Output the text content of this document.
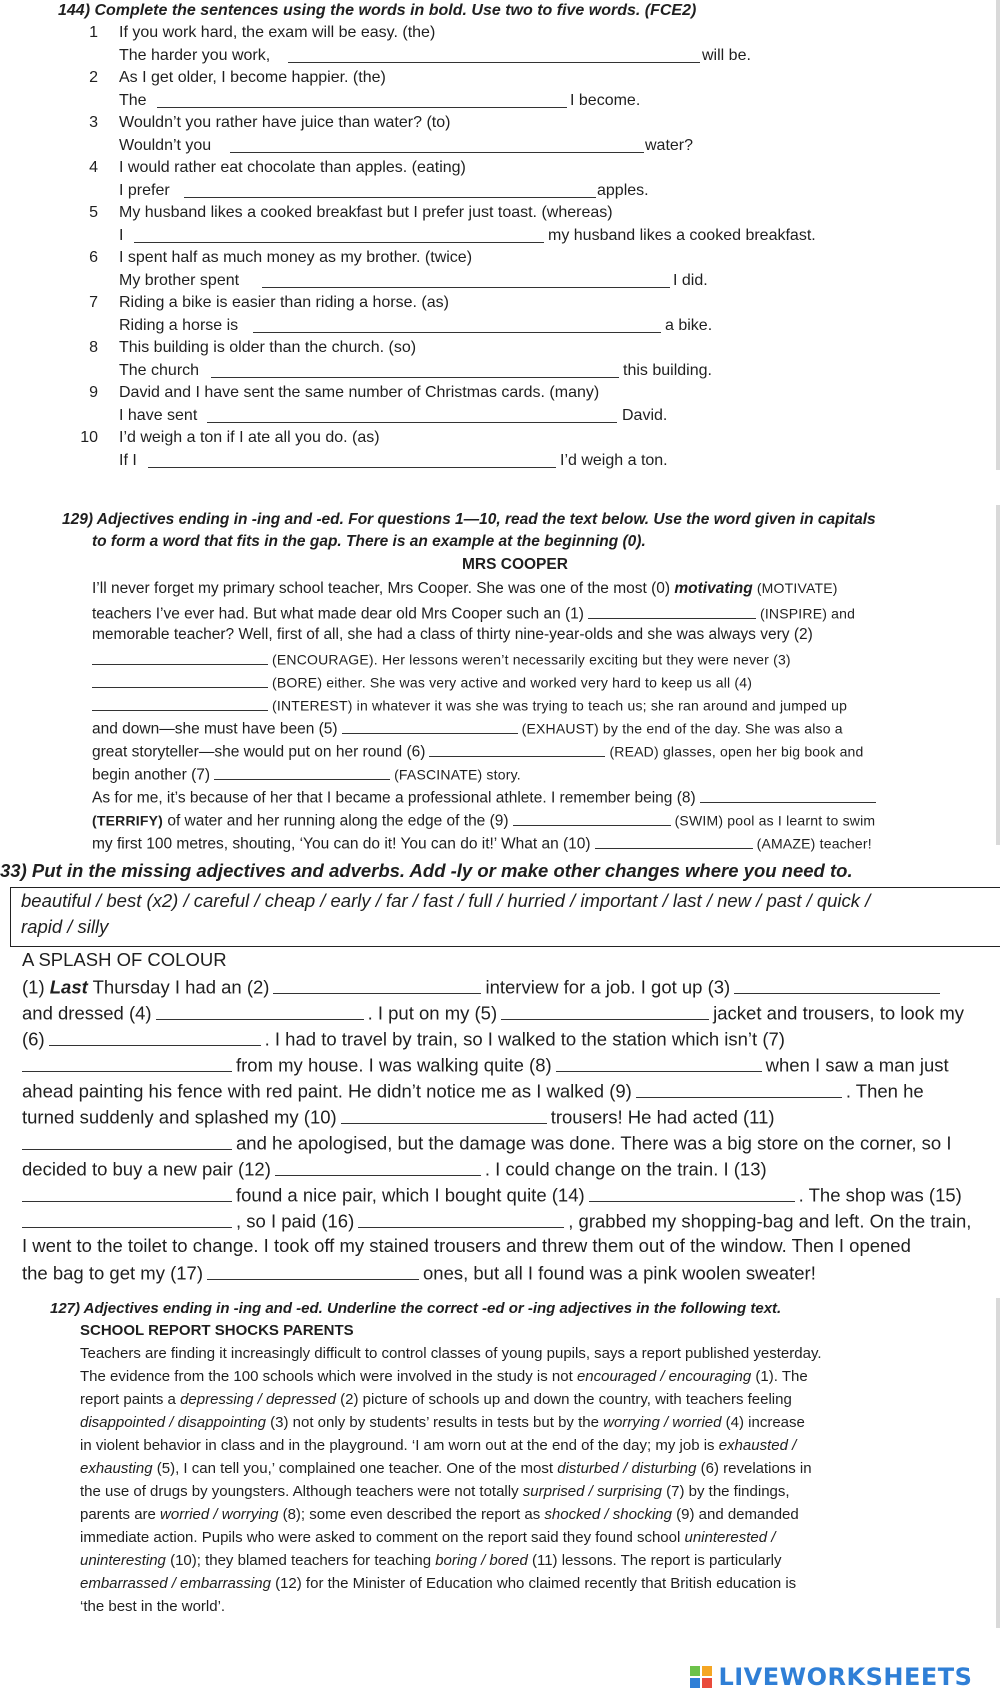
144) Complete the sentences using the words in bold. Use two to five words. (FCE2)
1 If you work hard, the exam will be easy. (the)
The harder you work,	will be.
2 As I get older, I become happier. (the)
The	I become.
3 Wouldn’t you rather have juice than water? (to)
Wouldn’t you	water?
4 I would rather eat chocolate than apples. (eating)
I prefer	apples.
5 My husband likes a cooked breakfast but I prefer just toast. (whereas)
I	my husband likes a cooked breakfast.
6 I spent half as much money as my brother. (twice)
My brother spent	I did.
7 Riding a bike is easier than riding a horse. (as)
Riding a horse is	a bike.
8 This building is older than the church. (so)
The church	this building.
9 David and I have sent the same number of Christmas cards. (many)
I have sent	David.
10 I’d weigh a ton if I ate all you do. (as)
If I	I’d weigh a ton.
129) Adjectives ending in -ing and -ed. For questions 1—10, read the text below. Use the word given in capitals
to form a word that fits in the gap. There is an example at the beginning (0).
MRS COOPER
I’ll never forget my primary school teacher, Mrs Cooper. She was one of the most (0) motivating (MOTIVATE)
teachers I’ve ever had. But what made dear old Mrs Cooper such an (1)	(INSPIRE) and
memorable teacher? Well, first of all, she had a class of thirty nine-year-olds and she was always very (2)
(ENCOURAGE). Her lessons weren’t necessarily exciting but they were never (3)
(BORE) either. She was very active and worked very hard to keep us all (4)
(INTEREST) in whatever it was she was trying to teach us; she ran around and jumped up
and down—she must have been (5)	(EXHAUST) by the end of the day. She was also a
great storyteller—she would put on her round (6)	(READ) glasses, open her big book and
begin another (7)	(FASCINATE) story.
As for me, it’s because of her that I became a professional athlete. I remember being (8)
(TERRIFY) of water and her running along the edge of the (9)	(SWIM) pool as I learnt to swim
my first 100 metres, shouting, ‘You can do it! You can do it!’ What an (10)	(AMAZE) teacher!
33) Put in the missing adjectives and adverbs. Add -ly or make other changes where you need to.
beautiful / best (x2) / careful / cheap / early / far / fast / full / hurried / important / last / new / past / quick /
rapid / silly
A SPLASH OF COLOUR
(1) Last Thursday I had an (2)	interview for a job. I got up (3)
and dressed (4)	. I put on my (5)	jacket and trousers, to look my
(6)	. I had to travel by train, so I walked to the station which isn’t (7)
from my house. I was walking quite (8)	when I saw a man just
ahead painting his fence with red paint. He didn’t notice me as I walked (9)	. Then he
turned suddenly and splashed my (10)	trousers! He had acted (11)
and he apologised, but the damage was done. There was a big store on the corner, so I
decided to buy a new pair (12)	. I could change on the train. I (13)
found a nice pair, which I bought quite (14)	. The shop was (15)
, so I paid (16)	, grabbed my shopping-bag and left. On the train,
I went to the toilet to change. I took off my stained trousers and threw them out of the window. Then I opened
the bag to get my (17)	ones, but all I found was a pink woolen sweater!
127) Adjectives ending in -ing and -ed. Underline the correct -ed or -ing adjectives in the following text.
SCHOOL REPORT SHOCKS PARENTS
Teachers are finding it increasingly difficult to control classes of young pupils, says a report published yesterday.
The evidence from the 100 schools which were involved in the study is not encouraged / encouraging (1). The
report paints a depressing / depressed (2) picture of schools up and down the country, with teachers feeling
disappointed / disappointing (3) not only by students’ results in tests but by the worrying / worried (4) increase
in violent behavior in class and in the playground. ‘I am worn out at the end of the day; my job is exhausted /
exhausting (5), I can tell you,’ complained one teacher. One of the most disturbed / disturbing (6) revelations in
the use of drugs by youngsters. Although teachers were not totally surprised / surprising (7) by the findings,
parents are worried / worrying (8); some even described the report as shocked / shocking (9) and demanded
immediate action. Pupils who were asked to comment on the report said they found school uninterested /
uninteresting (10); they blamed teachers for teaching boring / bored (11) lessons. The report is particularly
embarrassed / embarrassing (12) for the Minister of Education who claimed recently that British education is
‘the best in the world’.
LIVEWORKSHEETS
